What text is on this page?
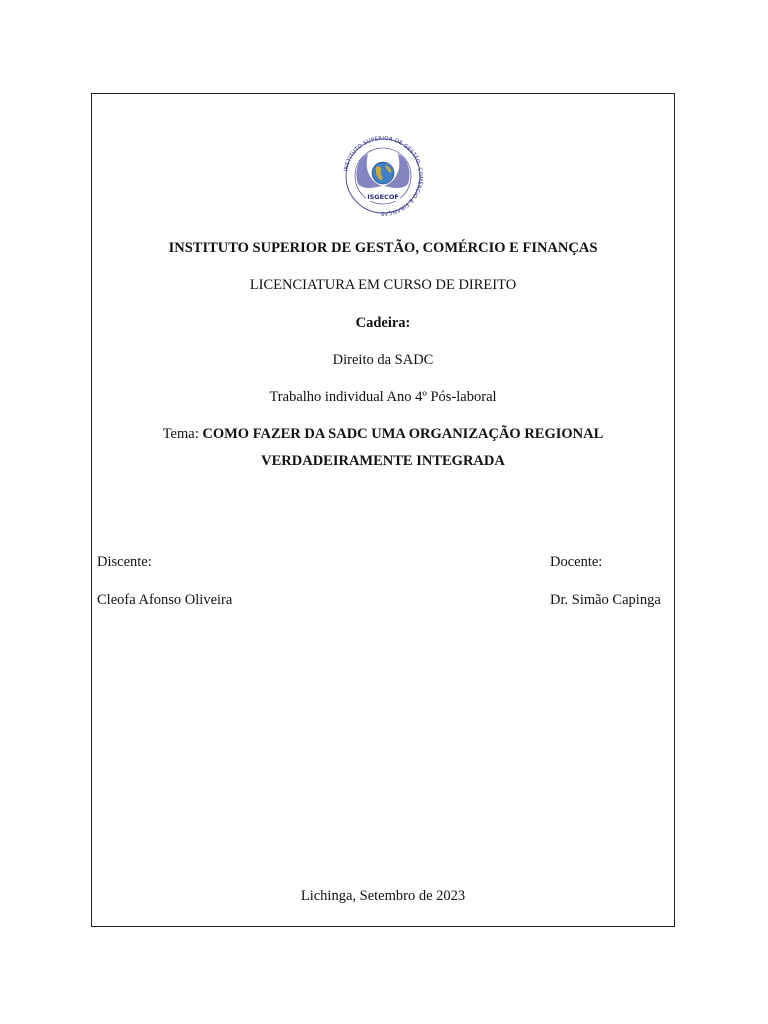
INSTITUTO SUPERIOR DE GESTÃO, COMÉRCIO E FINANÇAS
ISGECOF
INSTITUTO SUPERIOR DE GESTÃO, COMÉRCIO E FINANÇAS
LICENCIATURA EM CURSO DE DIREITO
Cadeira:
Direito da SADC
Trabalho individual Ano 4º Pós-laboral
Tema: COMO FAZER DA SADC UMA ORGANIZAÇÃO REGIONAL
VERDADEIRAMENTE INTEGRADA
Discente:	Docente:
Cleofa Afonso Oliveira	Dr. Simão Capinga
Lichinga, Setembro de 2023
